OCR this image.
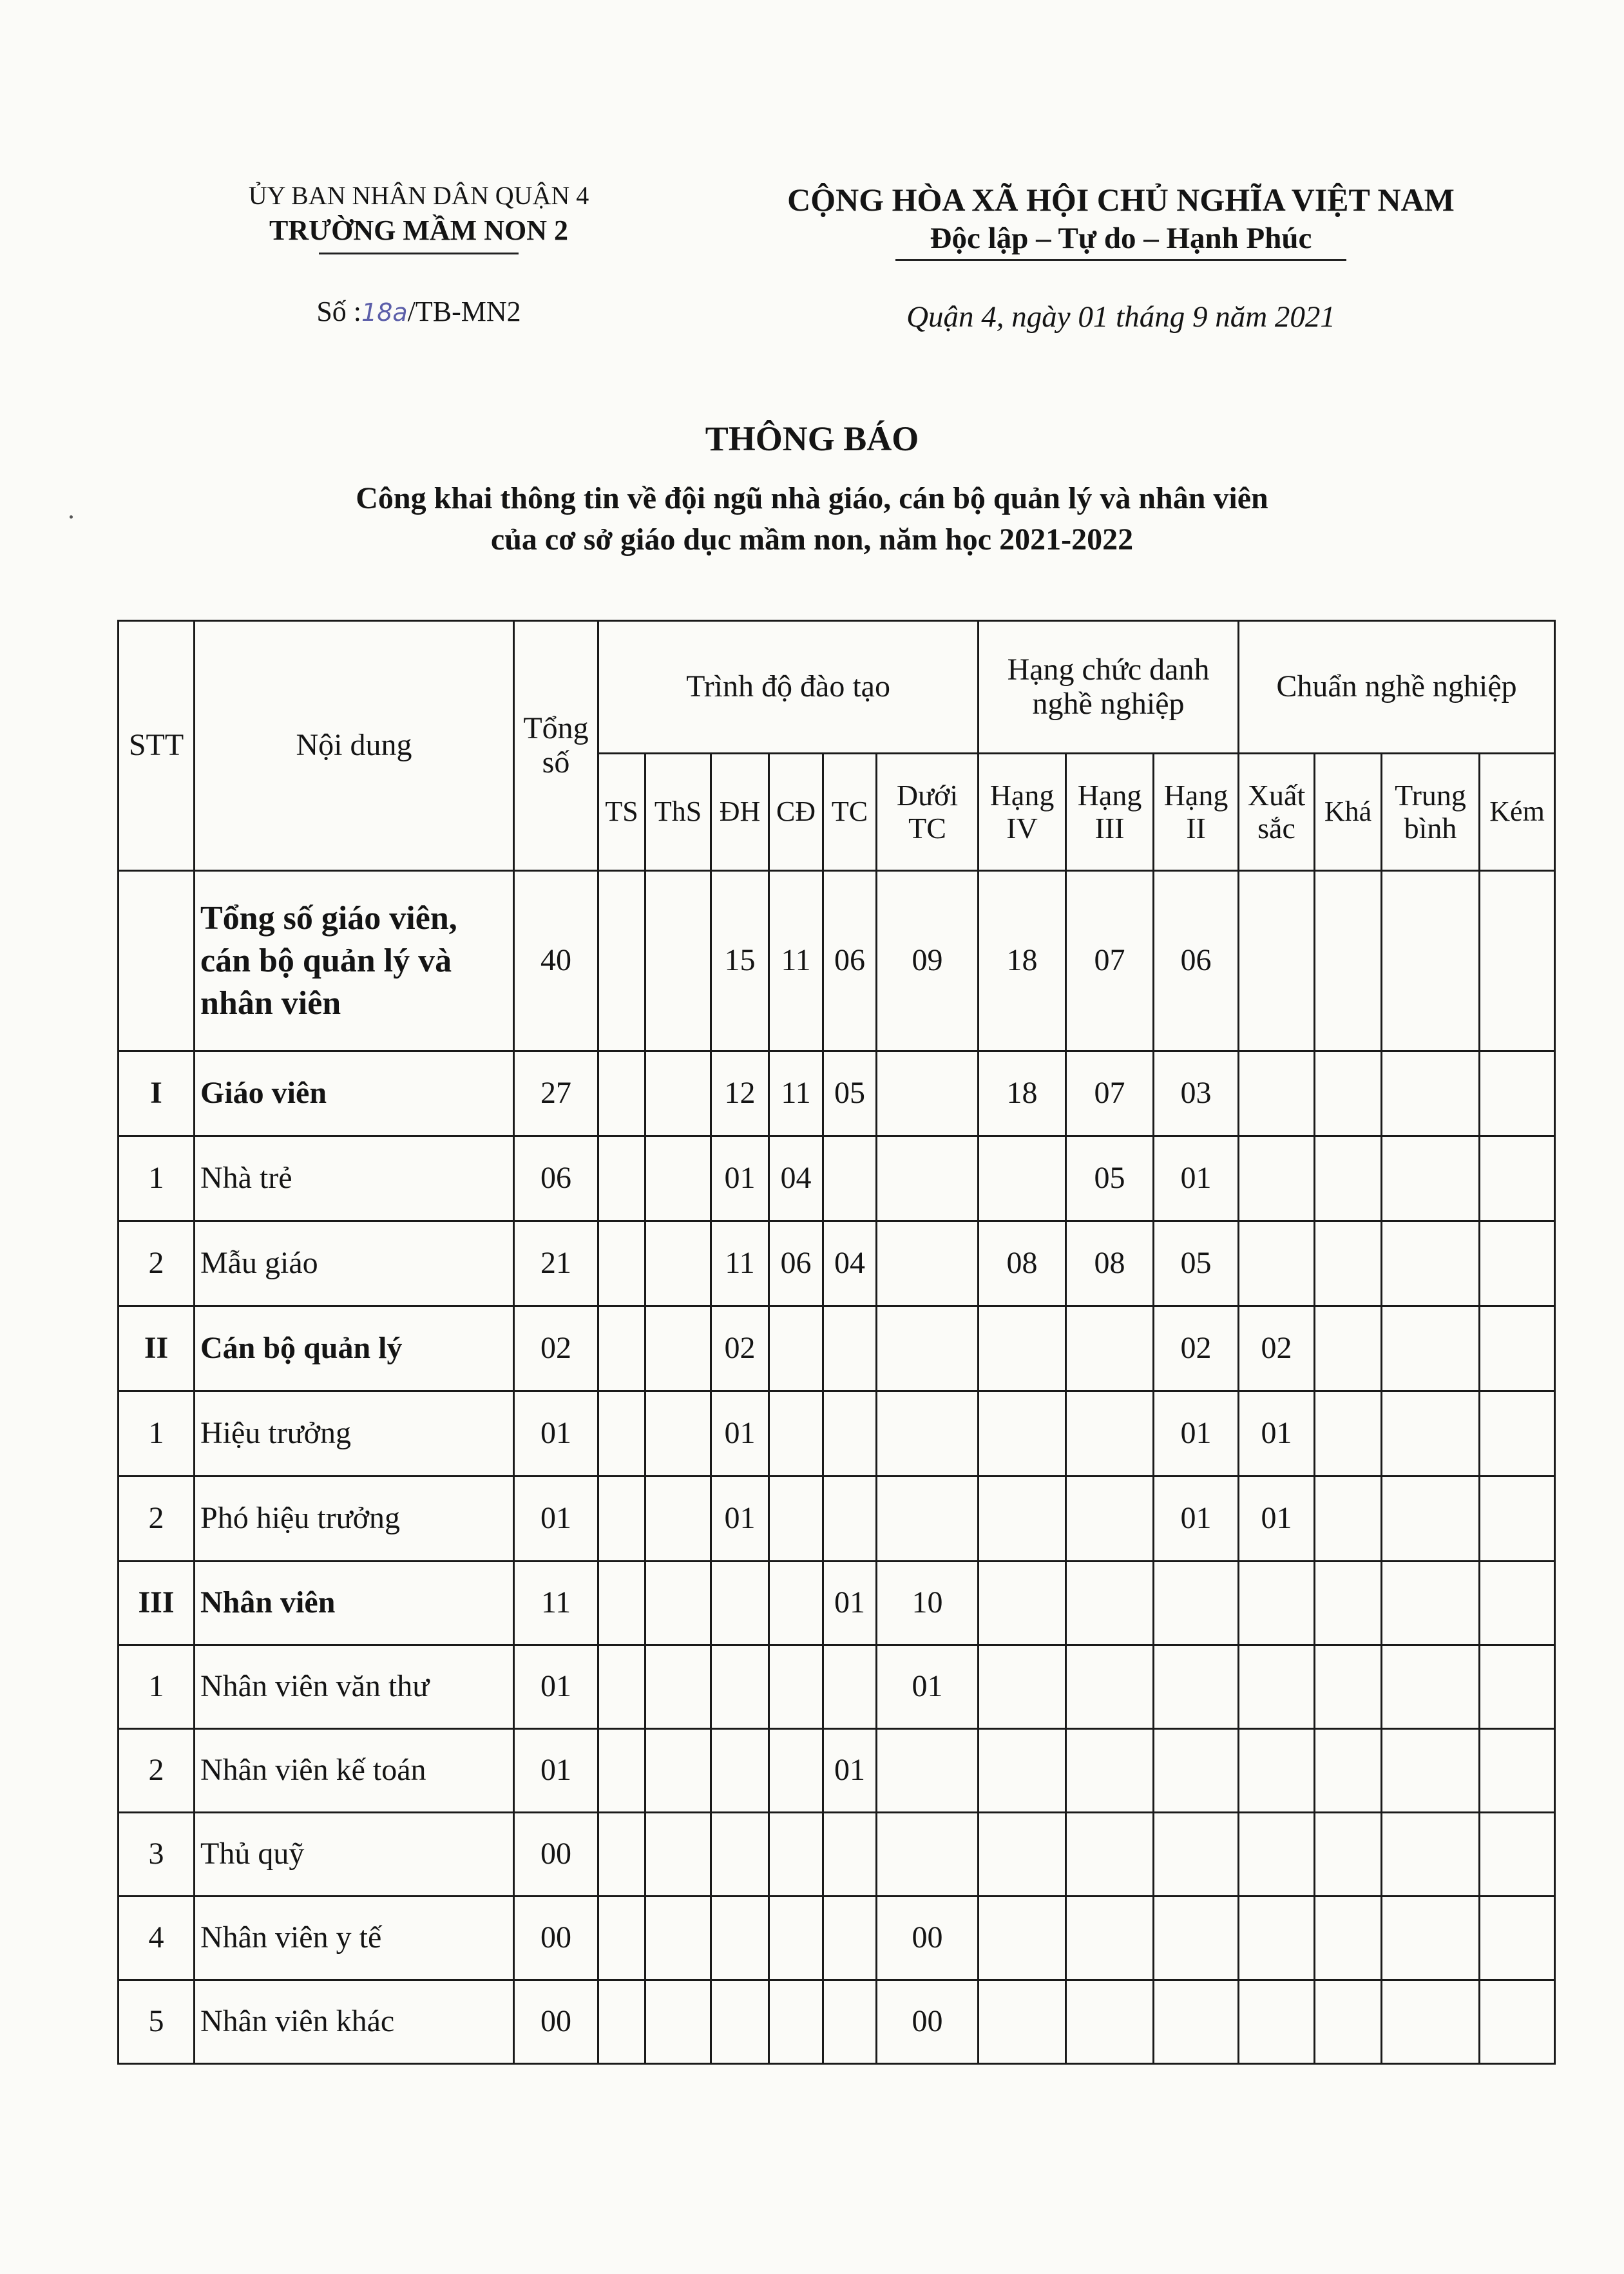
ỦY BAN NHÂN DÂN QUẬN 4
TRƯỜNG MẦM NON 2
Số :18a/TB-MN2
CỘNG HÒA XÃ HỘI CHỦ NGHĨA VIỆT NAM
Độc lập – Tự do – Hạnh Phúc
Quận 4, ngày 01 tháng 9 năm 2021
THÔNG BÁO
Công khai thông tin về đội ngũ nhà giáo, cán bộ quản lý và nhân viên
của cơ sở giáo dục mầm non, năm học 2021-2022
STT	Nội dung	Tổng số	Trình độ đào tạo						Hạng chức danh nghề nghiệp			Chuẩn nghề nghiệp			
			TS	ThS	ĐH	CĐ	TC	Dưới TC	Hạng IV	Hạng III	Hạng II	Xuất sắc	Khá	Trung bình	Kém
	Tổng số giáo viên, cán bộ quản lý và nhân viên	40			15	11	06	09	18	07	06				
I	Giáo viên	27			12	11	05		18	07	03				
1	Nhà trẻ	06			01	04				05	01				
2	Mẫu giáo	21			11	06	04		08	08	05				
II	Cán bộ quản lý	02			02						02	02			
1	Hiệu trưởng	01			01						01	01			
2	Phó hiệu trưởng	01			01						01	01			
III	Nhân viên	11					01	10							
1	Nhân viên văn thư	01						01							
2	Nhân viên kế toán	01					01								
3	Thủ quỹ	00													
4	Nhân viên y tế	00						00							
5	Nhân viên khác	00						00							
